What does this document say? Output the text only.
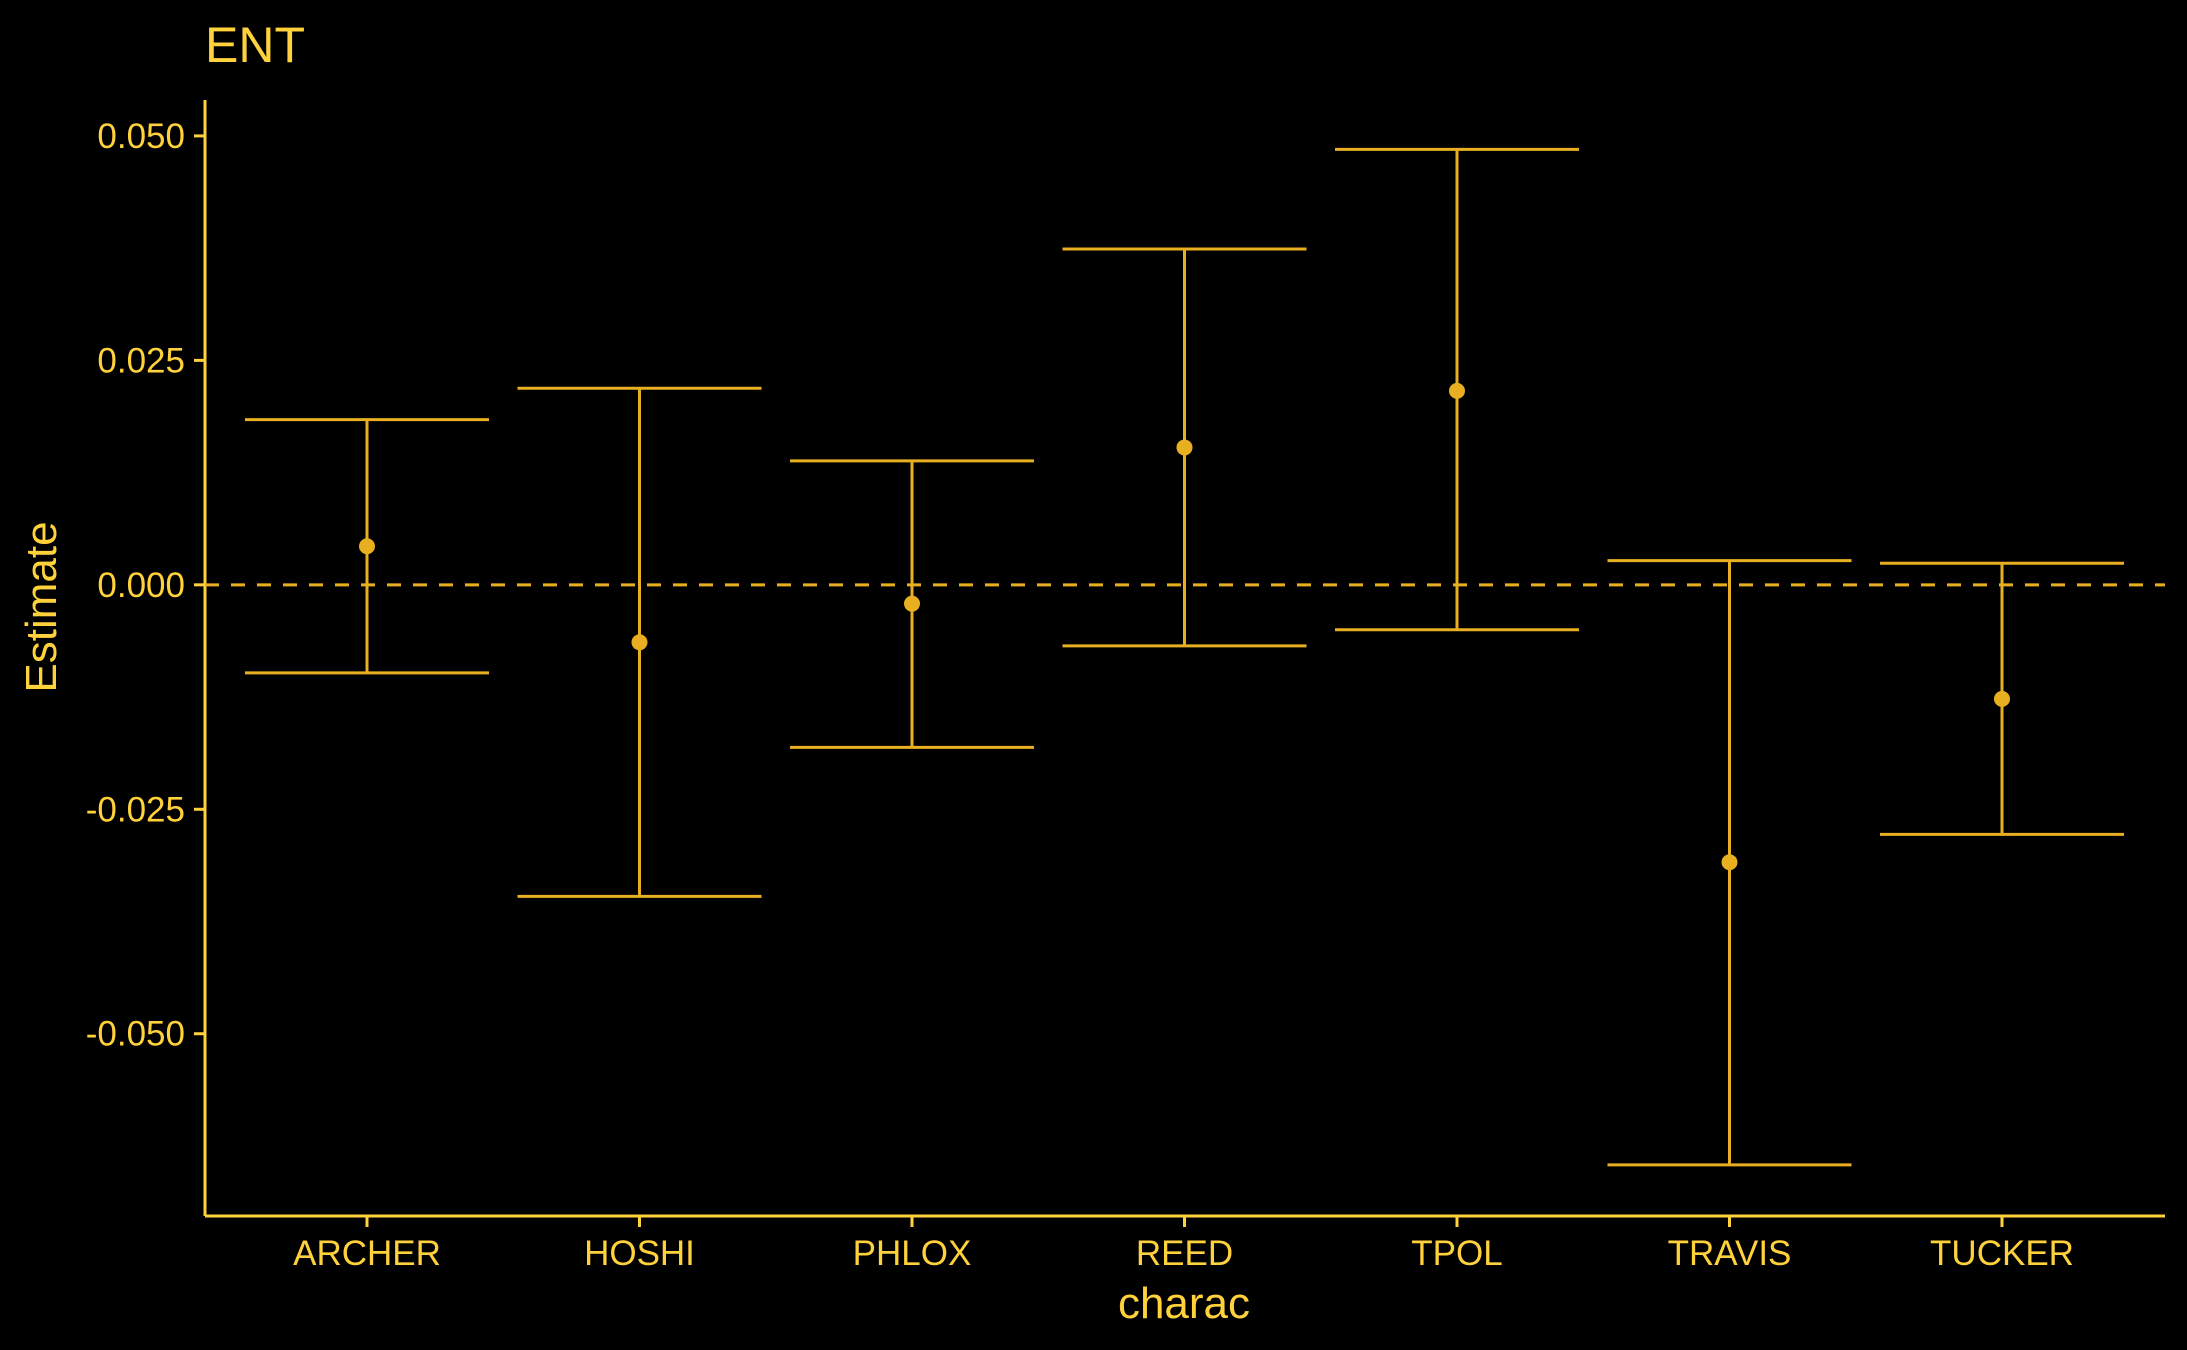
ENT
-0.050
-0.025
0.000
0.025
0.050
ARCHER	HOSHI	PHLOX	REED	TPOL	TRAVIS	TUCKER
charac
Estimate
